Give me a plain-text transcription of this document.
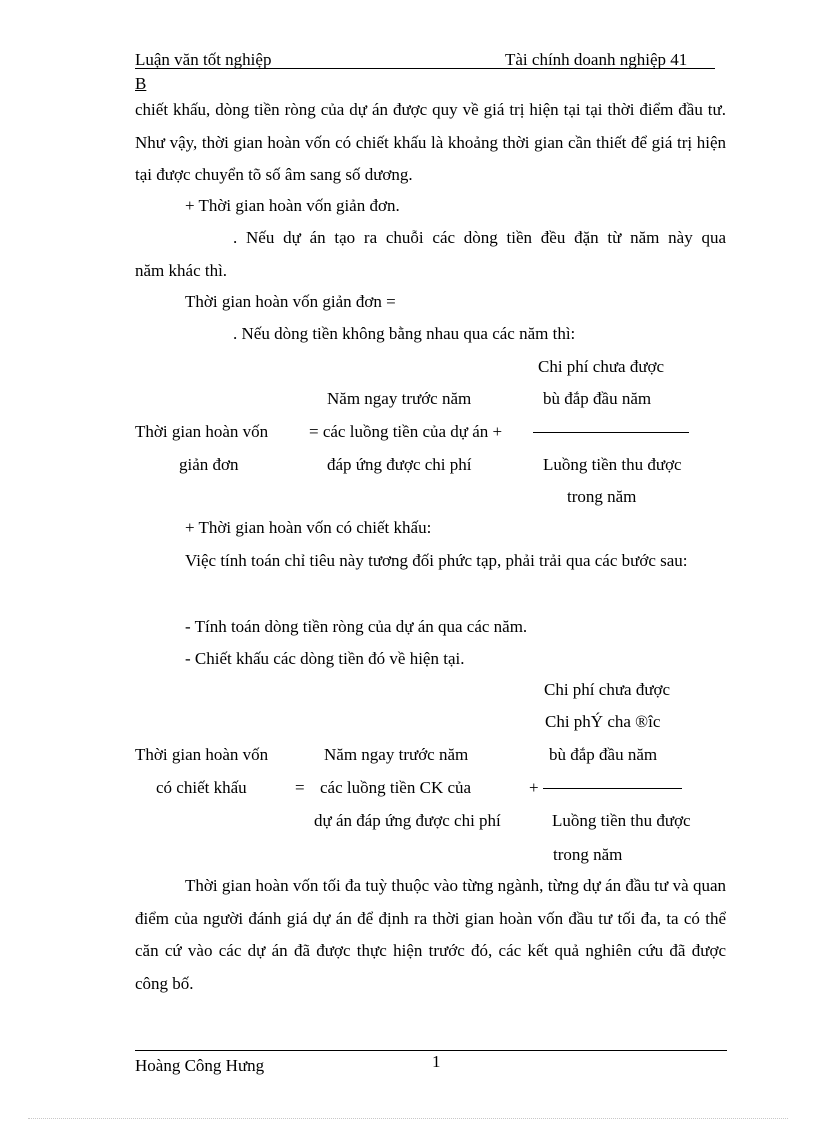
Luận văn tốt nghiệp	Tài chính doanh nghiệp 41
B
chiết khấu, dòng tiền ròng của dự án được quy về giá trị hiện tại tại thời điểm đầu tư. Như vậy, thời gian hoàn vốn có chiết khấu là khoảng thời gian cần thiết để giá trị hiện tại được chuyển tõ số âm sang số dương.
+ Thời gian hoàn vốn giản đơn.
. Nếu dự án tạo ra chuỗi các dòng tiền đều đặn từ năm này qua
năm khác thì.
Thời gian hoàn vốn giản đơn =
. Nếu dòng tiền không bằng nhau qua các năm thì:
Chi phí chưa được
Năm ngay trước năm	bù đắp đầu năm
Thời gian hoàn vốn = các luồng tiền của dự án +
giản đơn	đáp ứng được chi phí	Luồng tiền thu được
trong năm
+ Thời gian hoàn vốn có chiết khấu:
Việc tính toán chỉ tiêu này tương đối phức tạp, phải trải qua các bước sau:
- Tính toán dòng tiền ròng của dự án qua các năm.
- Chiết khấu các dòng tiền đó về hiện tại.
Chi phí chưa được
Chi phÝ cha ®îc
Thời gian hoàn vốn	Năm ngay trước năm	bù đắp đầu năm
có chiết khấu	= các luồng tiền CK của	+
dự án đáp ứng được chi phí	Luồng tiền thu được
trong năm
Thời gian hoàn vốn tối đa tuỳ thuộc vào từng ngành, từng dự án đầu tư và quan điểm của người đánh giá dự án để định ra thời gian hoàn vốn đầu tư tối đa, ta có thể căn cứ vào các dự án đã được thực hiện trước đó, các kết quả nghiên cứu đã được công bố.
Hoàng Công Hưng	1
